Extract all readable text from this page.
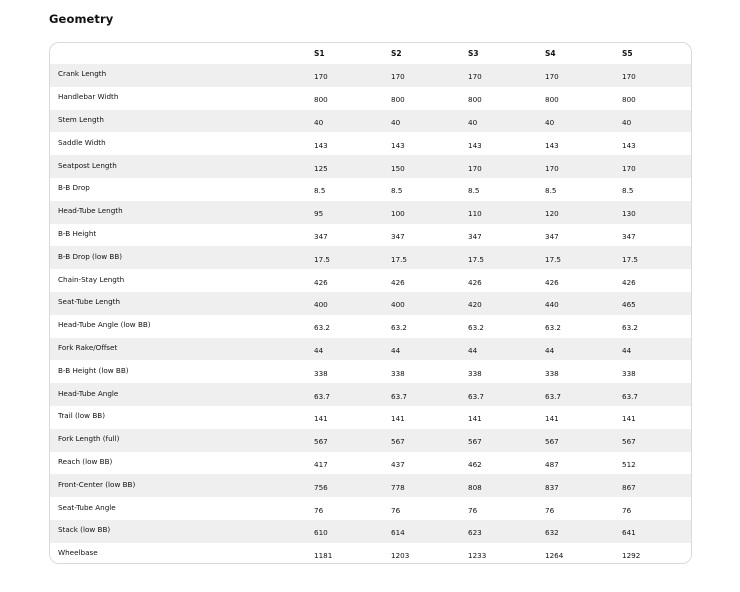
Geometry
	S1	S2	S3	S4	S5
Crank Length	170	170	170	170	170
Handlebar Width	800	800	800	800	800
Stem Length	40	40	40	40	40
Saddle Width	143	143	143	143	143
Seatpost Length	125	150	170	170	170
B-B Drop	8.5	8.5	8.5	8.5	8.5
Head-Tube Length	95	100	110	120	130
B-B Height	347	347	347	347	347
B-B Drop (low BB)	17.5	17.5	17.5	17.5	17.5
Chain-Stay Length	426	426	426	426	426
Seat-Tube Length	400	400	420	440	465
Head-Tube Angle (low BB)	63.2	63.2	63.2	63.2	63.2
Fork Rake/Offset	44	44	44	44	44
B-B Height (low BB)	338	338	338	338	338
Head-Tube Angle	63.7	63.7	63.7	63.7	63.7
Trail (low BB)	141	141	141	141	141
Fork Length (full)	567	567	567	567	567
Reach (low BB)	417	437	462	487	512
Front-Center (low BB)	756	778	808	837	867
Seat-Tube Angle	76	76	76	76	76
Stack (low BB)	610	614	623	632	641
Wheelbase	1181	1203	1233	1264	1292
